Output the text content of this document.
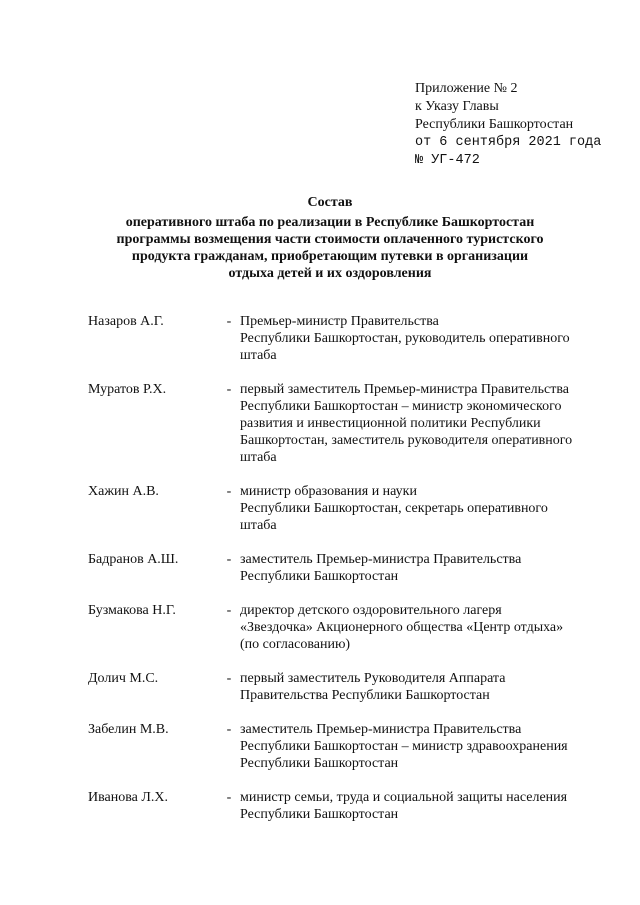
Приложение № 2
к Указу Главы
Республики Башкортостан
от 6 сентября 2021 года
№ УГ-472
Состав
оперативного штаба по реализации в Республике Башкортостан
программы возмещения части стоимости оплаченного туристского
продукта гражданам, приобретающим путевки в организации
отдыха детей и их оздоровления
Назаров А.Г.	- Премьер-министр Правительства
Республики Башкортостан, руководитель оперативного
штаба
Муратов Р.Х.	- первый заместитель Премьер-министра Правительства
Республики Башкортостан – министр экономического
развития и инвестиционной политики Республики
Башкортостан, заместитель руководителя оперативного
штаба
Хажин А.В.	- министр образования и науки
Республики Башкортостан, секретарь оперативного
штаба
Бадранов А.Ш.	- заместитель Премьер-министра Правительства
Республики Башкортостан
Бузмакова Н.Г.	- директор детского оздоровительного лагеря
«Звездочка» Акционерного общества «Центр отдыха»
(по согласованию)
Долич М.С.	- первый заместитель Руководителя Аппарата
Правительства Республики Башкортостан
Забелин М.В.	- заместитель Премьер-министра Правительства
Республики Башкортостан – министр здравоохранения
Республики Башкортостан
Иванова Л.Х.	- министр семьи, труда и социальной защиты населения
Республики Башкортостан
